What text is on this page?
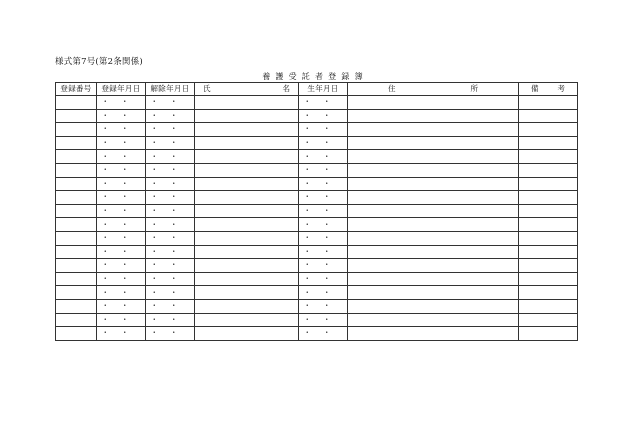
様式第7号(第2条関係)
養護受託者登録簿
登録番号	登録年月日	解除年月日	氏 名	生年月日	住 所	備 考

	・・	・・		・・		
	・・	・・		・・		
	・・	・・		・・		
	・・	・・		・・		
	・・	・・		・・		
	・・	・・		・・		
	・・	・・		・・		
	・・	・・		・・		
	・・	・・		・・		
	・・	・・		・・		
	・・	・・		・・		
	・・	・・		・・		
	・・	・・		・・		
	・・	・・		・・		
	・・	・・		・・		
	・・	・・		・・		
	・・	・・		・・		
	・・	・・		・・		
